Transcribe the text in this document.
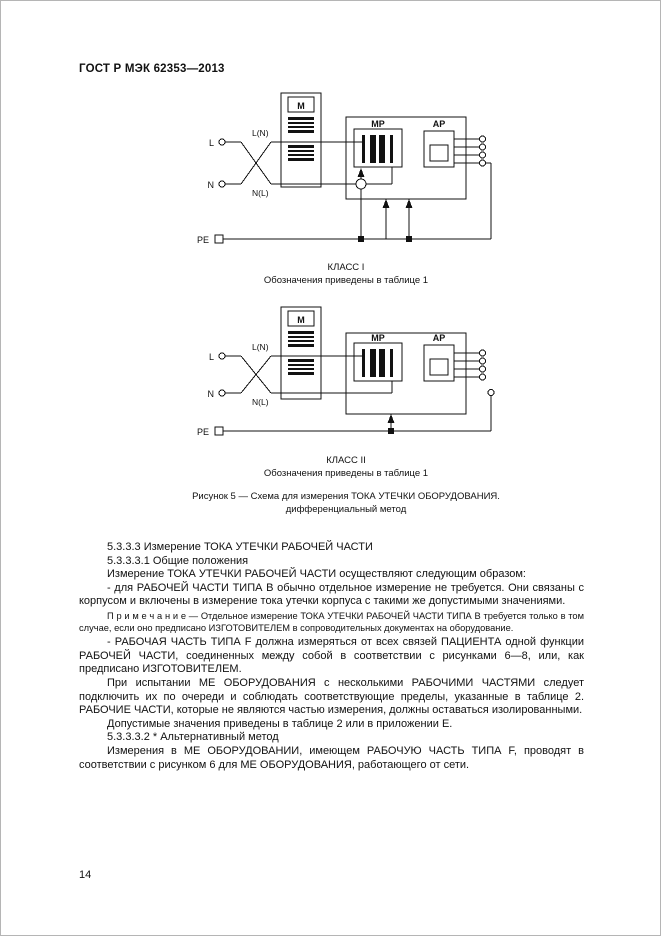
ГОСТ Р МЭК 62353—2013
М
МР	АР
L
N
L(N)
N(L)
PE
КЛАСС I
Обозначения приведены в таблице 1
М
МР	АР
L
N
L(N)
N(L)
PE
КЛАСС II
Обозначения приведены в таблице 1
Рисунок 5 — Схема для измерения ТОКА УТЕЧКИ ОБОРУДОВАНИЯ.
дифференциальный метод

5.3.3.3 Измерение ТОКА УТЕЧКИ РАБОЧЕЙ ЧАСТИ

5.3.3.3.1 Общие положения

Измерение ТОКА УТЕЧКИ РАБОЧЕЙ ЧАСТИ осуществляют следующим образом:

- для РАБОЧЕЙ ЧАСТИ ТИПА В обычно отдельное измерение не требуется. Они связаны с корпусом и включены в измерение тока утечки корпуса с такими же допустимыми значениями.

П р и м е ч а н и е — Отдельное измерение ТОКА УТЕЧКИ РАБОЧЕЙ ЧАСТИ ТИПА В требуется только в том случае, если оно предписано ИЗГОТОВИТЕЛЕМ в сопроводительных документах на оборудование.

- РАБОЧАЯ ЧАСТЬ ТИПА F должна измеряться от всех связей ПАЦИЕНТА одной функции РАБОЧЕЙ ЧАСТИ, соединенных между собой в соответствии с рисунками 6—8, или, как предписано ИЗГОТОВИТЕЛЕМ.

При испытании МЕ ОБОРУДОВАНИЯ с несколькими РАБОЧИМИ ЧАСТЯМИ следует подключить их по очереди и соблюдать соответствующие пределы, указанные в таблице 2. РАБОЧИЕ ЧАСТИ, которые не являются частью измерения, должны оставаться изолированными.

Допустимые значения приведены в таблице 2 или в приложении Е.

5.3.3.3.2 * Альтернативный метод

Измерения в МЕ ОБОРУДОВАНИИ, имеющем РАБОЧУЮ ЧАСТЬ ТИПА F, проводят в соответствии с рисунком 6 для МЕ ОБОРУДОВАНИЯ, работающего от сети.

14
